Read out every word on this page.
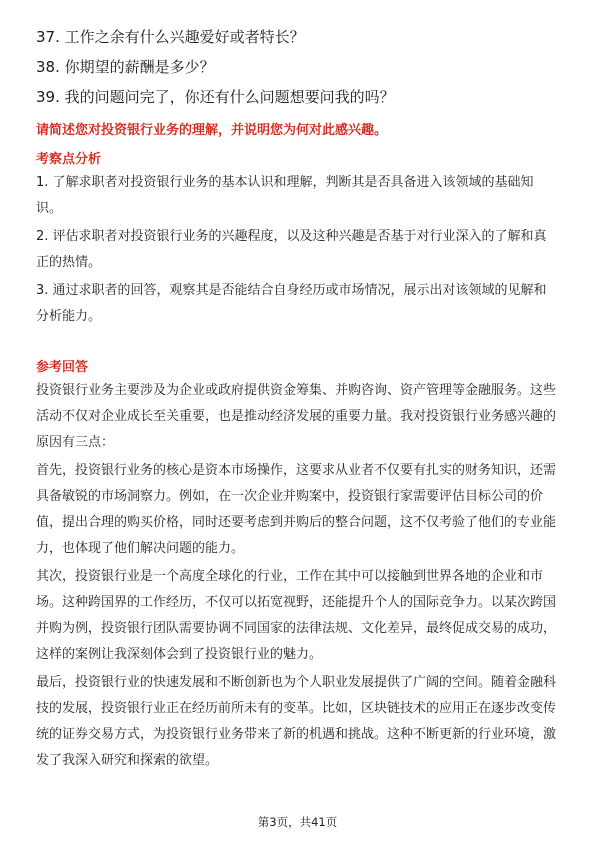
37. 工作之余有什么兴趣爱好或者特长？
38. 你期望的薪酬是多少？
39. 我的问题问完了，你还有什么问题想要问我的吗？
请简述您对投资银行业务的理解，并说明您为何对此感兴趣。
考察点分析

1. 了解求职者对投资银行业务的基本认识和理解，判断其是否具备进入该领域的基础知识。

2. 评估求职者对投资银行业务的兴趣程度，以及这种兴趣是否基于对行业深入的了解和真正的热情。

3. 通过求职者的回答，观察其是否能结合自身经历或市场情况，展示出对该领域的见解和分析能力。

参考回答

投资银行业务主要涉及为企业或政府提供资金筹集、并购咨询、资产管理等金融服务。这些活动不仅对企业成长至关重要，也是推动经济发展的重要力量。我对投资银行业务感兴趣的原因有三点：

首先，投资银行业务的核心是资本市场操作，这要求从业者不仅要有扎实的财务知识，还需具备敏锐的市场洞察力。例如，在一次企业并购案中，投资银行家需要评估目标公司的价值，提出合理的购买价格，同时还要考虑到并购后的整合问题，这不仅考验了他们的专业能力，也体现了他们解决问题的能力。

其次，投资银行业是一个高度全球化的行业，工作在其中可以接触到世界各地的企业和市场。这种跨国界的工作经历，不仅可以拓宽视野，还能提升个人的国际竞争力。以某次跨国并购为例，投资银行团队需要协调不同国家的法律法规、文化差异，最终促成交易的成功，这样的案例让我深刻体会到了投资银行业的魅力。

最后，投资银行业的快速发展和不断创新也为个人职业发展提供了广阔的空间。随着金融科技的发展，投资银行业正在经历前所未有的变革。比如，区块链技术的应用正在逐步改变传统的证券交易方式，为投资银行业务带来了新的机遇和挑战。这种不断更新的行业环境，激发了我深入研究和探索的欲望。

第3页，共41页
